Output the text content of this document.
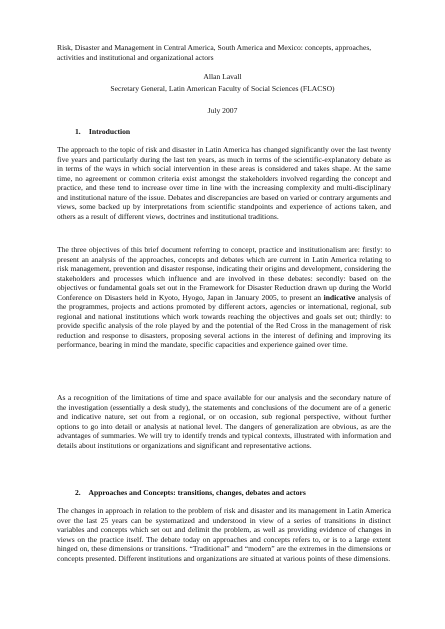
Risk, Disaster and Management in Central America, South America and Mexico: concepts, approaches, activities and institutional and organizational actors

Allan Lavall
Secretary General, Latin American Faculty of Social Sciences (FLACSO)
July 2007
1. Introduction

The approach to the topic of risk and disaster in Latin America has changed significantly over the last twenty five years and particularly during the last ten years, as much in terms of the scientific-explanatory debate as in terms of the ways in which social intervention in these areas is considered and takes shape. At the same time, no agreement or common criteria exist amongst the stakeholders involved regarding the concept and practice, and these tend to increase over time in line with the increasing complexity and multi-disciplinary and institutional nature of the issue. Debates and discrepancies are based on varied or contrary arguments and views, some backed up by interpretations from scientific standpoints and experience of actions taken, and others as a result of different views, doctrines and institutional traditions.

The three objectives of this brief document referring to concept, practice and institutionalism are: firstly: to present an analysis of the approaches, concepts and debates which are current in Latin America relating to risk management, prevention and disaster response, indicating their origins and development, considering the stakeholders and processes which influence and are involved in these debates: secondly: based on the objectives or fundamental goals set out in the Framework for Disaster Reduction drawn up during the World Conference on Disasters held in Kyoto, Hyogo, Japan in January 2005, to present an indicative analysis of the programmes, projects and actions promoted by different actors, agencies or international, regional, sub regional and national institutions which work towards reaching the objectives and goals set out; thirdly: to provide specific analysis of the role played by and the potential of the Red Cross in the management of risk reduction and response to disasters, proposing several actions in the interest of defining and improving its performance, bearing in mind the mandate, specific capacities and experience gained over time.

As a recognition of the limitations of time and space available for our analysis and the secondary nature of the investigation (essentially a desk study), the statements and conclusions of the document are of a generic and indicative nature, set out from a regional, or on occasion, sub regional perspective, without further options to go into detail or analysis at national level. The dangers of generalization are obvious, as are the advantages of summaries. We will try to identify trends and typical contexts, illustrated with information and details about institutions or organizations and significant and representative actions.

2. Approaches and Concepts: transitions, changes, debates and actors

The changes in approach in relation to the problem of risk and disaster and its management in Latin America over the last 25 years can be systematized and understood in view of a series of transitions in distinct variables and concepts which set out and delimit the problem, as well as providing evidence of changes in views on the practice itself. The debate today on approaches and concepts refers to, or is to a large extent hinged on, these dimensions or transitions. “Traditional” and “modern” are the extremes in the dimensions or concepts presented. Different institutions and organizations are situated at various points of these dimensions.
